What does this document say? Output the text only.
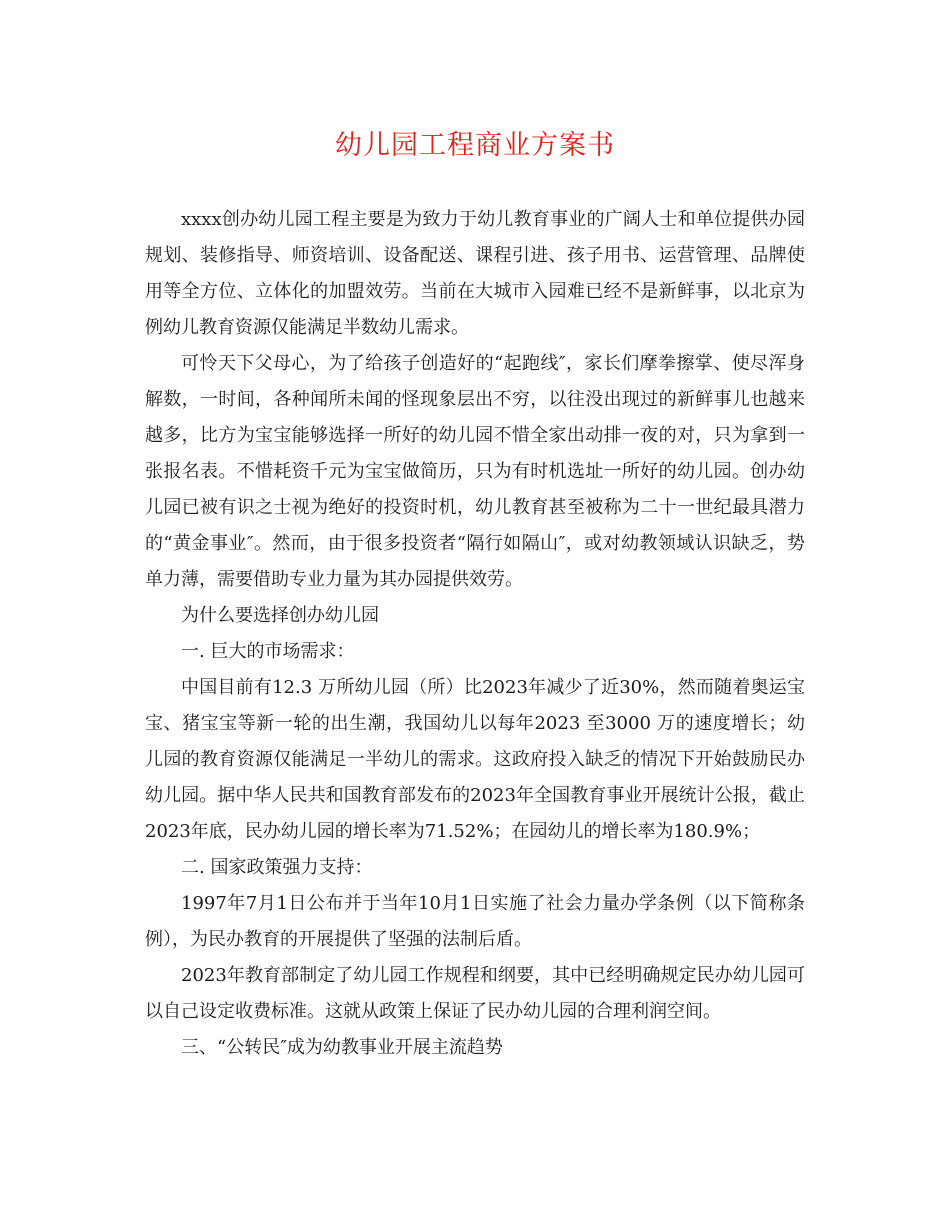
幼儿园工程商业方案书

xxxx创办幼儿园工程主要是为致力于幼儿教育事业的广阔人士和单位提供办园规划、装修指导、师资培训、设备配送、课程引进、孩子用书、运营管理、品牌使用等全方位、立体化的加盟效劳。当前在大城市入园难已经不是新鲜事，以北京为例幼儿教育资源仅能满足半数幼儿需求。

可怜天下父母心，为了给孩子创造好的“起跑线″，家长们摩拳擦掌、使尽浑身解数，一时间，各种闻所未闻的怪现象层出不穷，以往没出现过的新鲜事儿也越来越多，比方为宝宝能够选择一所好的幼儿园不惜全家出动排一夜的对，只为拿到一张报名表。不惜耗资千元为宝宝做简历，只为有时机选址一所好的幼儿园。创办幼儿园已被有识之士视为绝好的投资时机，幼儿教育甚至被称为二十一世纪最具潜力的“黄金事业″。然而，由于很多投资者“隔行如隔山″，或对幼教领域认识缺乏，势单力薄，需要借助专业力量为其办园提供效劳。

为什么要选择创办幼儿园

一. 巨大的市场需求：

中国目前有12.3 万所幼儿园（所）比2023年减少了近30%，然而随着奥运宝宝、猪宝宝等新一轮的出生潮，我国幼儿以每年2023 至3000 万的速度增长；幼儿园的教育资源仅能满足一半幼儿的需求。这政府投入缺乏的情况下开始鼓励民办幼儿园。据中华人民共和国教育部发布的2023年全国教育事业开展统计公报，截止2023年底，民办幼儿园的增长率为71.52%；在园幼儿的增长率为180.9%；

二. 国家政策强力支持：

1997年7月1日公布并于当年10月1日实施了社会力量办学条例（以下简称条例），为民办教育的开展提供了坚强的法制后盾。

2023年教育部制定了幼儿园工作规程和纲要，其中已经明确规定民办幼儿园可以自己设定收费标准。这就从政策上保证了民办幼儿园的合理利润空间。

三、“公转民″成为幼教事业开展主流趋势
